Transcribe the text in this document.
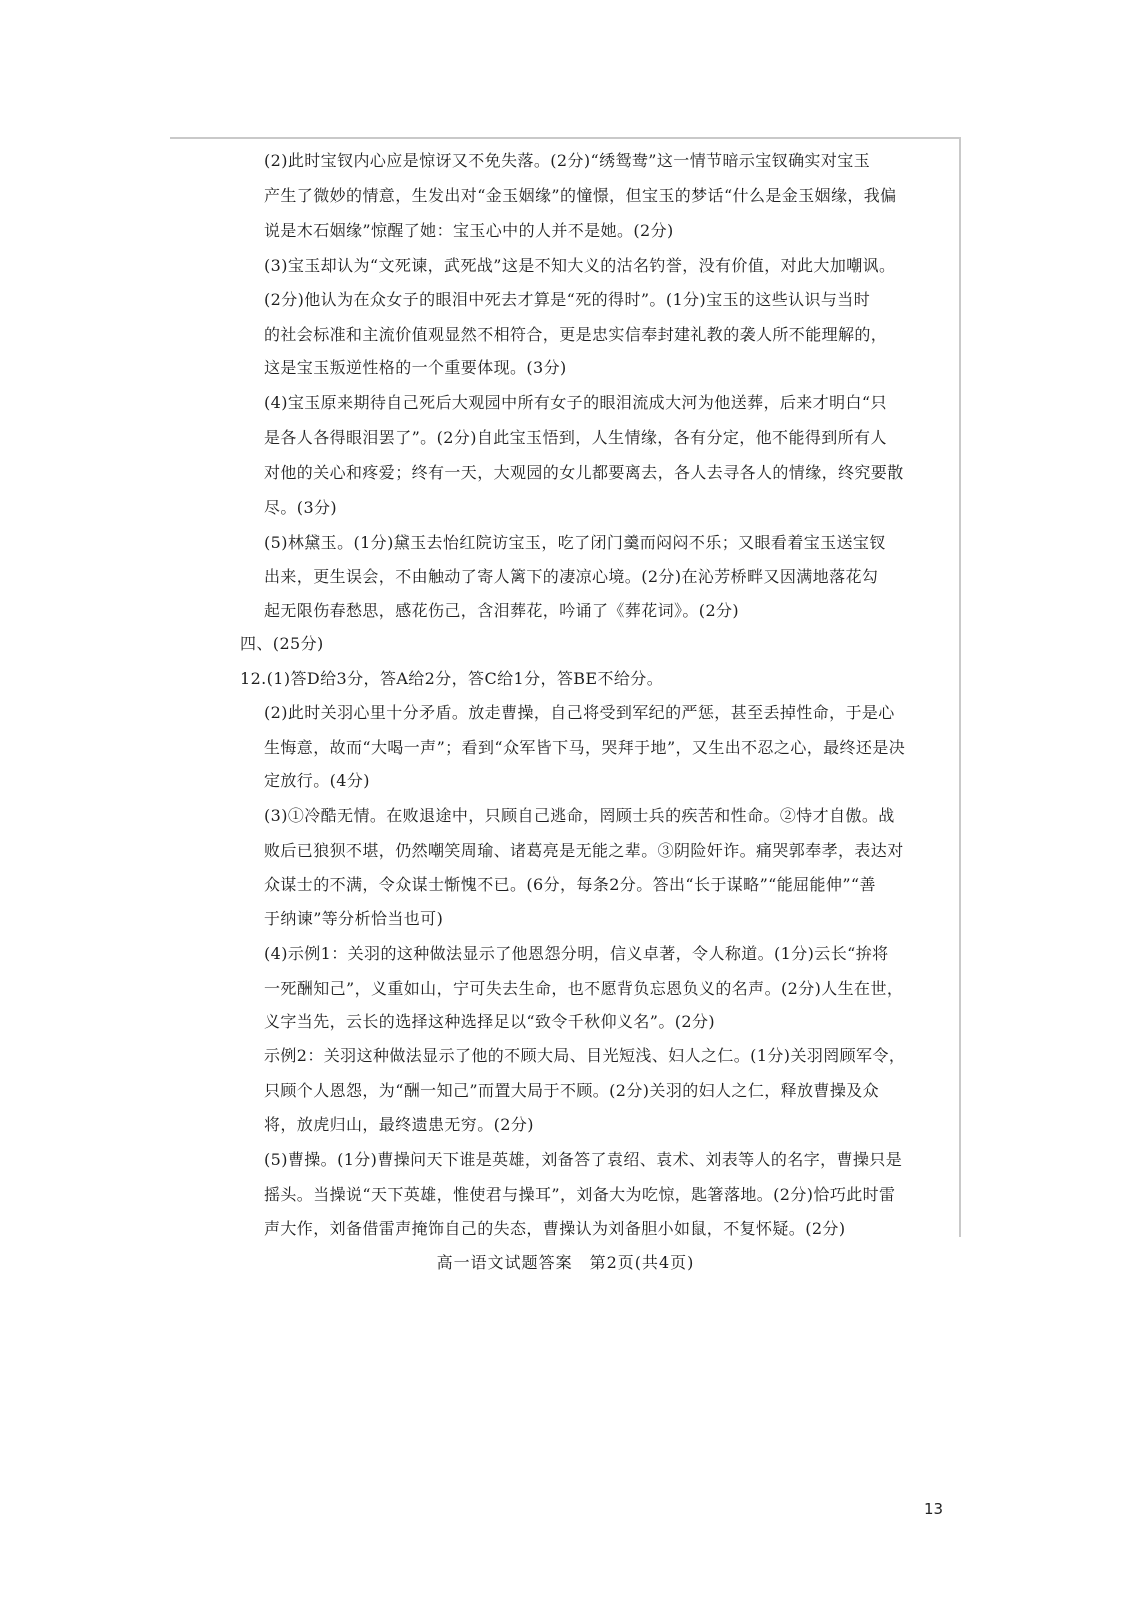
(2)此时宝钗内心应是惊讶又不免失落。(2分)“绣鸳鸯”这一情节暗示宝钗确实对宝玉
产生了微妙的情意，生发出对“金玉姻缘”的憧憬，但宝玉的梦话“什么是金玉姻缘，我偏
说是木石姻缘”惊醒了她：宝玉心中的人并不是她。(2分)
(3)宝玉却认为“文死谏，武死战”这是不知大义的沽名钓誉，没有价值，对此大加嘲讽。
(2分)他认为在众女子的眼泪中死去才算是“死的得时”。(1分)宝玉的这些认识与当时
的社会标准和主流价值观显然不相符合，更是忠实信奉封建礼教的袭人所不能理解的，
这是宝玉叛逆性格的一个重要体现。(3分)
(4)宝玉原来期待自己死后大观园中所有女子的眼泪流成大河为他送葬，后来才明白“只
是各人各得眼泪罢了”。(2分)自此宝玉悟到，人生情缘，各有分定，他不能得到所有人
对他的关心和疼爱；终有一天，大观园的女儿都要离去，各人去寻各人的情缘，终究要散
尽。(3分)
(5)林黛玉。(1分)黛玉去怡红院访宝玉，吃了闭门羹而闷闷不乐；又眼看着宝玉送宝钗
出来，更生误会，不由触动了寄人篱下的凄凉心境。(2分)在沁芳桥畔又因满地落花勾
起无限伤春愁思，感花伤己，含泪葬花，吟诵了《葬花词》。(2分)
四、(25分)
12.(1)答D给3分，答A给2分，答C给1分，答BE不给分。
(2)此时关羽心里十分矛盾。放走曹操，自己将受到军纪的严惩，甚至丢掉性命，于是心
生悔意，故而“大喝一声”；看到“众军皆下马，哭拜于地”，又生出不忍之心，最终还是决
定放行。(4分)
(3)①冷酷无情。在败退途中，只顾自己逃命，罔顾士兵的疾苦和性命。②恃才自傲。战
败后已狼狈不堪，仍然嘲笑周瑜、诸葛亮是无能之辈。③阴险奸诈。痛哭郭奉孝，表达对
众谋士的不满，令众谋士惭愧不已。(6分，每条2分。答出“长于谋略”“能屈能伸”“善
于纳谏”等分析恰当也可)
(4)示例1：关羽的这种做法显示了他恩怨分明，信义卓著，令人称道。(1分)云长“拚将
一死酬知己”，义重如山，宁可失去生命，也不愿背负忘恩负义的名声。(2分)人生在世，
义字当先，云长的选择这种选择足以“致令千秋仰义名”。(2分)
示例2：关羽这种做法显示了他的不顾大局、目光短浅、妇人之仁。(1分)关羽罔顾军令，
只顾个人恩怨，为“酬一知己”而置大局于不顾。(2分)关羽的妇人之仁，释放曹操及众
将，放虎归山，最终遗患无穷。(2分)
(5)曹操。(1分)曹操问天下谁是英雄，刘备答了袁绍、袁术、刘表等人的名字，曹操只是
摇头。当操说“天下英雄，惟使君与操耳”，刘备大为吃惊，匙箸落地。(2分)恰巧此时雷
声大作，刘备借雷声掩饰自己的失态，曹操认为刘备胆小如鼠，不复怀疑。(2分)
高一语文试题答案　第2页(共4页)
13
